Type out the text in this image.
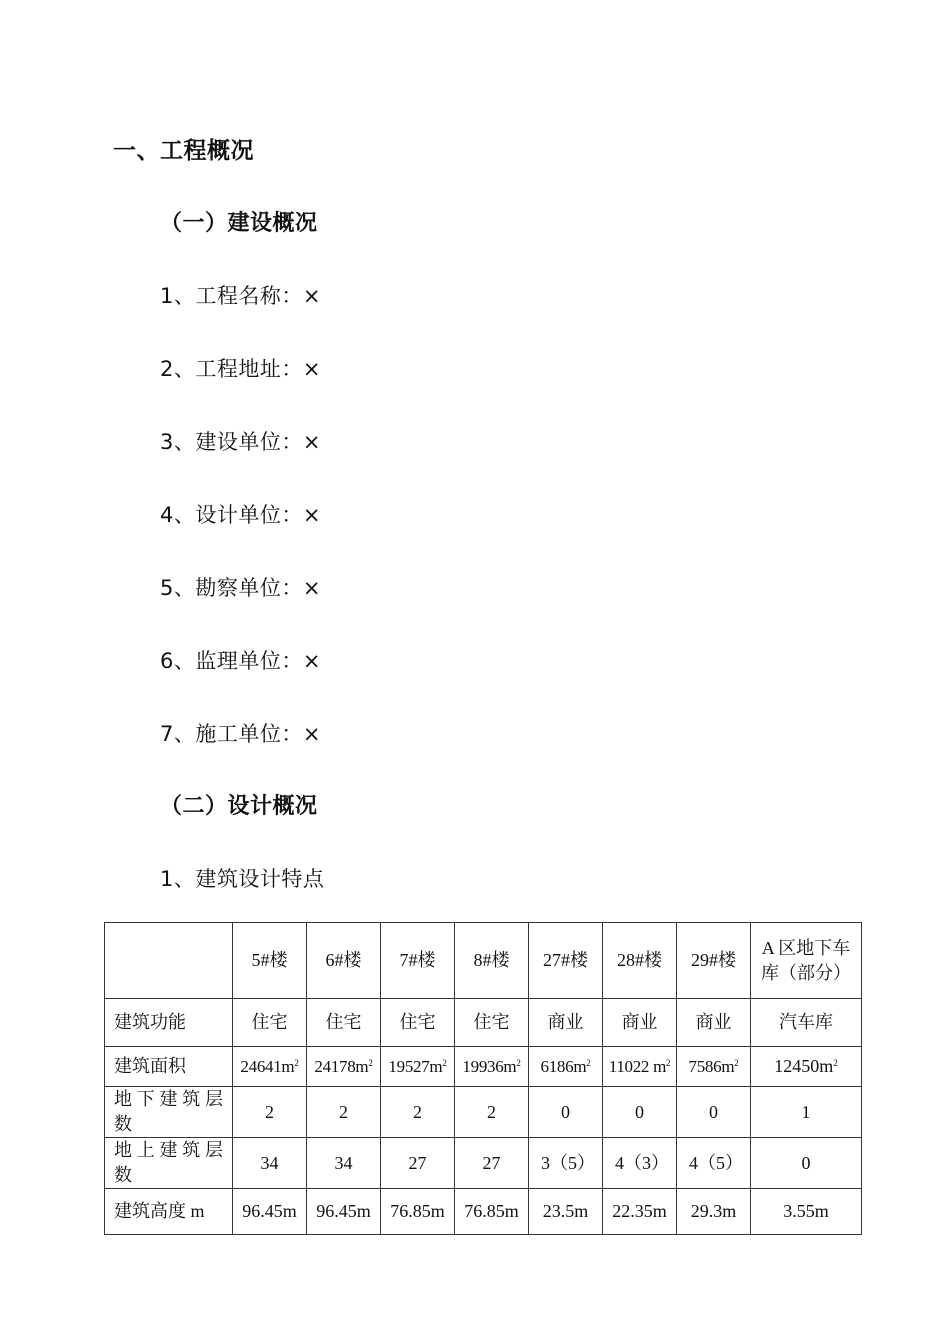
一、工程概况
（一）建设概况
1、工程名称：×
2、工程地址：×
3、建设单位：×
4、设计单位：×
5、勘察单位：×
6、监理单位：×
7、施工单位：×
（二）设计概况
1、建筑设计特点
	5#楼	6#楼	7#楼	8#楼	27#楼	28#楼	29#楼	A 区地下车库（部分）
建筑功能	住宅	住宅	住宅	住宅	商业	商业	商业	汽车库
建筑面积	$24641m^2$	$24178m^2$	$19527m^2$	$19936m^2$	$6186m^2$	11022 $m^2$	$7586m^2$	$12450m^2$
地下建筑层数	2	2	2	2	0	0	0	1
地上建筑层数	34	34	27	27	3（5）	4（3）	4（5）	0
建筑高度 m	96.45m	96.45m	76.85m	76.85m	23.5m	22.35m	29.3m	3.55m
